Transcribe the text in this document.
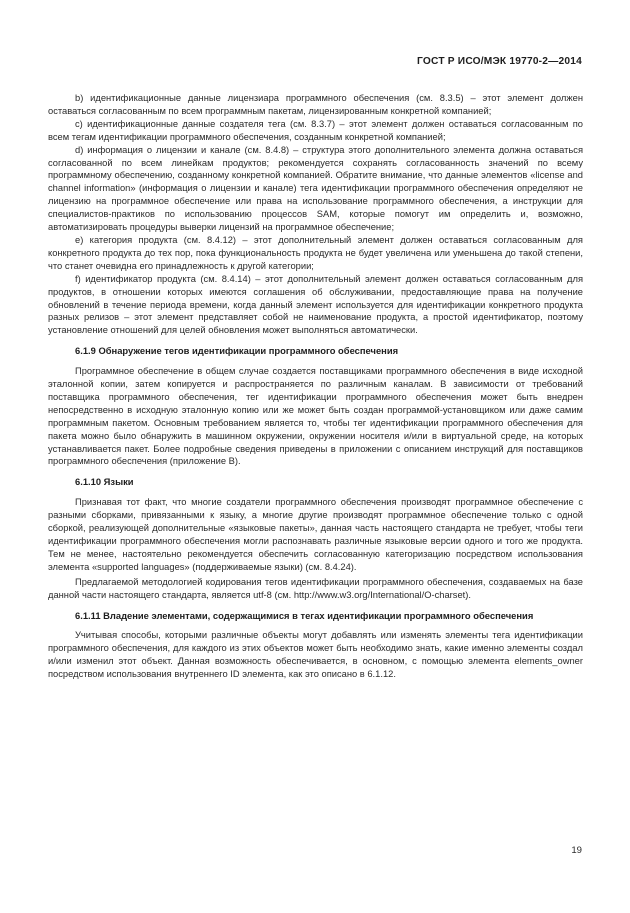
ГОСТ Р ИСО/МЭК 19770-2—2014

b) идентификационные данные лицензиара программного обеспечения (см. 8.3.5) – этот элемент должен оставаться согласованным по всем программным пакетам, лицензированным конкретной компанией;

c) идентификационные данные создателя тега (см. 8.3.7) – этот элемент должен оставаться согласованным по всем тегам идентификации программного обеспечения, созданным конкретной компанией;

d) информация о лицензии и канале (см. 8.4.8) – структура этого дополнительного элемента должна оставаться согласованной по всем линейкам продуктов; рекомендуется сохранять согласованность значений по всему программному обеспечению, созданному конкретной компанией. Обратите внимание, что данные элементов «license and channel information» (информация о лицензии и канале) тега идентификации программного обеспечения определяют не лицензию на программное обеспечение или права на использование программного обеспечения, а инструкции для специалистов-практиков по использованию процессов SAM, которые помогут им определить и, возможно, автоматизировать процедуры выверки лицензий на программное обеспечение;

e) категория продукта (см. 8.4.12) – этот дополнительный элемент должен оставаться согласованным для конкретного продукта до тех пор, пока функциональность продукта не будет увеличена или уменьшена до такой степени, что станет очевидна его принадлежность к другой категории;

f) идентификатор продукта (см. 8.4.14) – этот дополнительный элемент должен оставаться согласованным для продуктов, в отношении которых имеются соглашения об обслуживании, предоставляющие права на получение обновлений в течение периода времени, когда данный элемент используется для идентификации конкретного продукта разных релизов – этот элемент представляет собой не наименование продукта, а простой идентификатор, поэтому установление отношений для целей обновления может выполняться автоматически.

6.1.9 Обнаружение тегов идентификации программного обеспечения

Программное обеспечение в общем случае создается поставщиками программного обеспечения в виде исходной эталонной копии, затем копируется и распространяется по различным каналам. В зависимости от требований поставщика программного обеспечения, тег идентификации программного обеспечения может быть внедрен непосредственно в исходную эталонную копию или же может быть создан программой-установщиком или даже самим программным пакетом. Основным требованием является то, чтобы тег идентификации программного обеспечения для пакета можно было обнаружить в машинном окружении, окружении носителя и/или в виртуальной среде, на которых устанавливается пакет. Более подробные сведения приведены в приложении с описанием инструкций для поставщиков программного обеспечения (приложение В).

6.1.10 Языки

Признавая тот факт, что многие создатели программного обеспечения производят программное обеспечение с разными сборками, привязанными к языку, а многие другие производят программное обеспечение только с одной сборкой, реализующей дополнительные «языковые пакеты», данная часть настоящего стандарта не требует, чтобы теги идентификации программного обеспечения могли распознавать различные языковые версии одного и того же продукта. Тем не менее, настоятельно рекомендуется обеспечить согласованную категоризацию посредством использования элемента «supported languages» (поддерживаемые языки) (см. 8.4.24).

Предлагаемой методологией кодирования тегов идентификации программного обеспечения, создаваемых на базе данной части настоящего стандарта, является utf-8 (см. http://www.w3.org/International/O-charset).

6.1.11 Владение элементами, содержащимися в тегах идентификации программного обеспечения

Учитывая способы, которыми различные объекты могут добавлять или изменять элементы тега идентификации программного обеспечения, для каждого из этих объектов может быть необходимо знать, какие именно элементы создал и/или изменил этот объект. Данная возможность обеспечивается, в основном, с помощью элемента elements_owner посредством использования внутреннего ID элемента, как это описано в 6.1.12.

19
